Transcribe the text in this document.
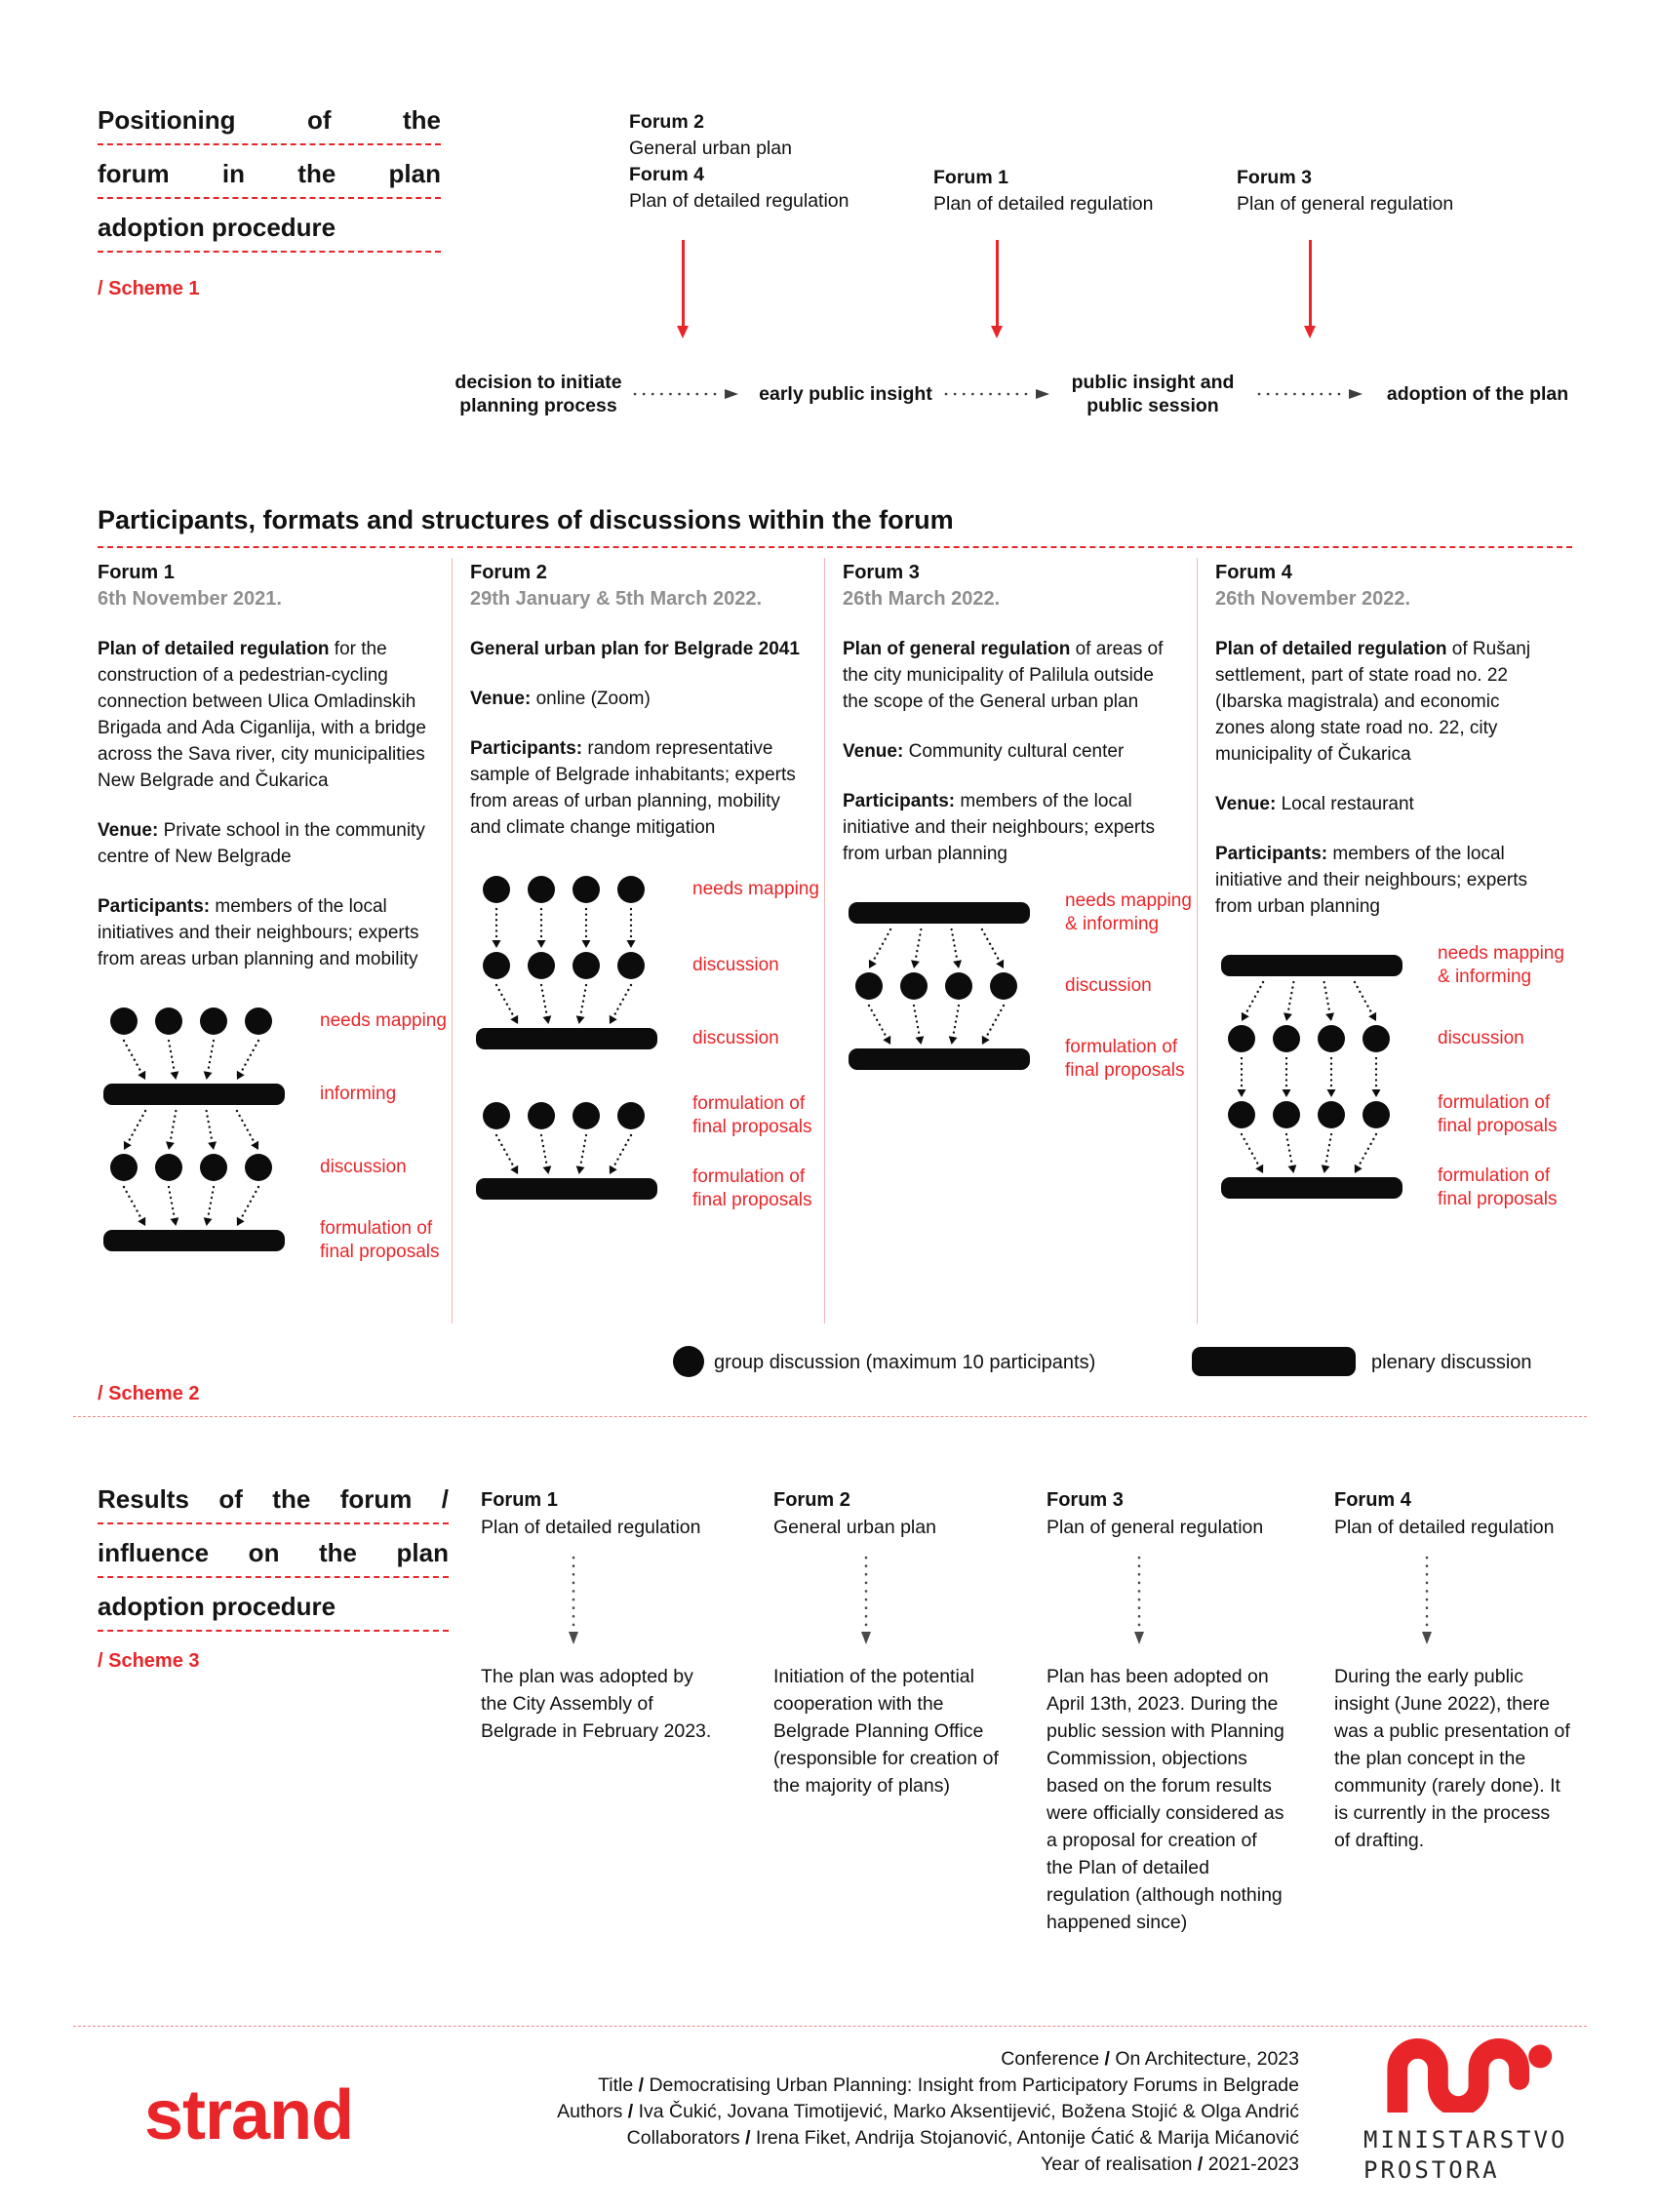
Positioning of the
forum in the plan
adoption procedure
/ Scheme 1
Forum 2
General urban plan
Forum 4
Plan of detailed regulation
Forum 1
Plan of detailed regulation
Forum 3
Plan of general regulation
decision to initiate planning process
early public insight
public insight and public session
adoption of the plan
Participants, formats and structures of discussions within the forum
Forum 1
6th November 2021.

Plan of detailed regulation for the construction of a pedestrian-cycling connection between Ulica Omladinskih Brigada and Ada Ciganlija, with a bridge across the Sava river, city municipalities New Belgrade and Čukarica

Venue: Private school in the community centre of New Belgrade

Participants: members of the local initiatives and their neighbours; experts from areas urban planning and mobility

needs mapping
informing
discussion
formulation of final proposals
Forum 2
29th January & 5th March 2022.

General urban plan for Belgrade 2041

Venue: online (Zoom)

Participants: random representative sample of Belgrade inhabitants; experts from areas of urban planning, mobility and climate change mitigation

needs mapping
discussion
discussion
formulation of final proposals
formulation of final proposals
Forum 3
26th March 2022.

Plan of general regulation of areas of the city municipality of Palilula outside the scope of the General urban plan

Venue: Community cultural center

Participants: members of the local initiative and their neighbours; experts from urban planning

needs mapping & informing
discussion
formulation of final proposals
Forum 4
26th November 2022.

Plan of detailed regulation of Rušanj settlement, part of state road no. 22 (Ibarska magistrala) and economic zones along state road no. 22, city municipality of Čukarica

Venue: Local restaurant

Participants: members of the local initiative and their neighbours; experts from urban planning

needs mapping & informing
discussion
formulation of final proposals
formulation of final proposals
group discussion (maximum 10 participants)	plenary discussion
/ Scheme 2
Results of the forum /
influence on the plan
adoption procedure
/ Scheme 3
Forum 1
Plan of detailed regulation
The plan was adopted by the City Assembly of Belgrade in February 2023.
Forum 2
General urban plan
Initiation of the potential cooperation with the Belgrade Planning Office (responsible for creation of the majority of plans)
Forum 3
Plan of general regulation
Plan has been adopted on April 13th, 2023. During the public session with Planning Commission, objections based on the forum results were officially considered as a proposal for creation of the Plan of detailed regulation (although nothing happened since)
Forum 4
Plan of detailed regulation
During the early public insight (June 2022), there was a public presentation of the plan concept in the community (rarely done). It is currently in the process of drafting.
strand
Conference / On Architecture, 2023
Title / Democratising Urban Planning: Insight from Participatory Forums in Belgrade
Authors / Iva Čukić, Jovana Timotijević, Marko Aksentijević, Božena Stojić & Olga Andrić
Collaborators / Irena Fiket, Andrija Stojanović, Antonije Ćatić & Marija Mićanović
Year of realisation / 2021-2023
MINISTARSTVO
PROSTORA
